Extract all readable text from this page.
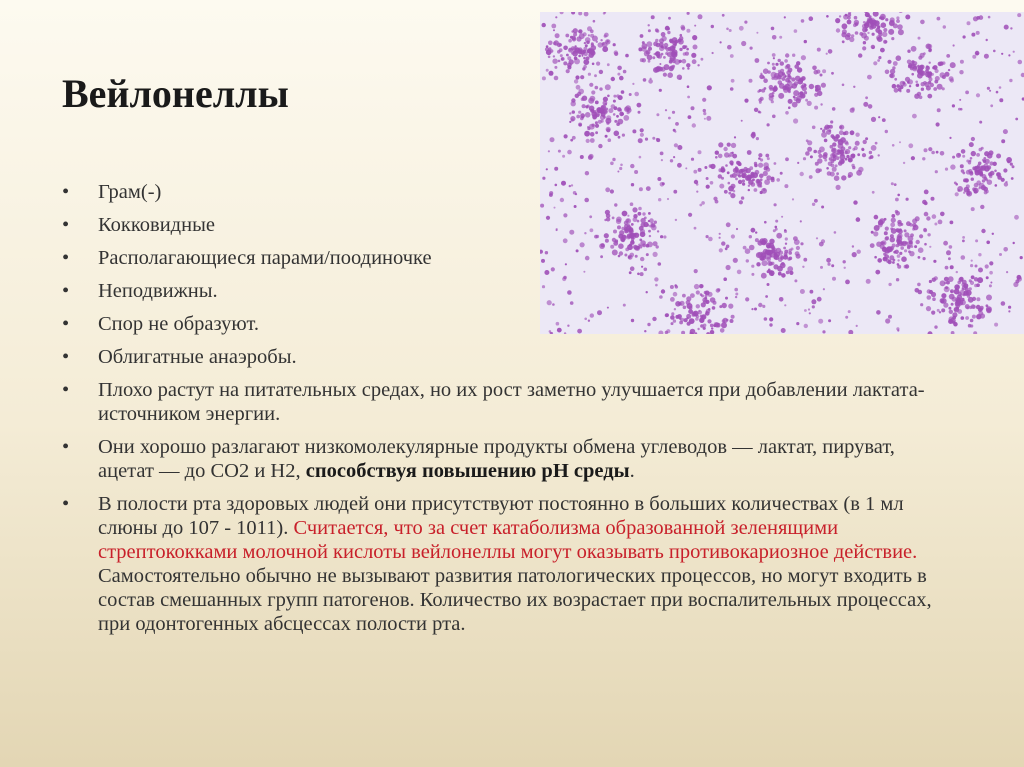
Вейлонеллы
• Грам(-)
• Кокковидные
• Располагающиеся парами/поодиночке
• Неподвижны.
• Спор не образуют.
• Облигатные анаэробы.
• Плохо растут на питательных средах, но их рост заметно улучшается при добавлении лактата-источником энергии.
• Они хорошо разлагают низкомолекулярные продукты обмена углеводов — лактат, пируват, ацетат — до СО2 и Н2, способствуя повышению рН среды.
• В полости рта здоровых людей они присутствуют постоянно в больших количествах (в 1 мл слюны до 107 - 1011). Считается, что за счет катаболизма образованной зеленящими стрептококками молочной кислоты вейлонеллы могут оказывать противокариозное действие. Самостоятельно обычно не вызывают развития патологических процессов, но могут входить в состав смешанных групп патогенов. Количество их возрастает при воспалительных процессах, при одонтогенных абсцессах полости рта.
